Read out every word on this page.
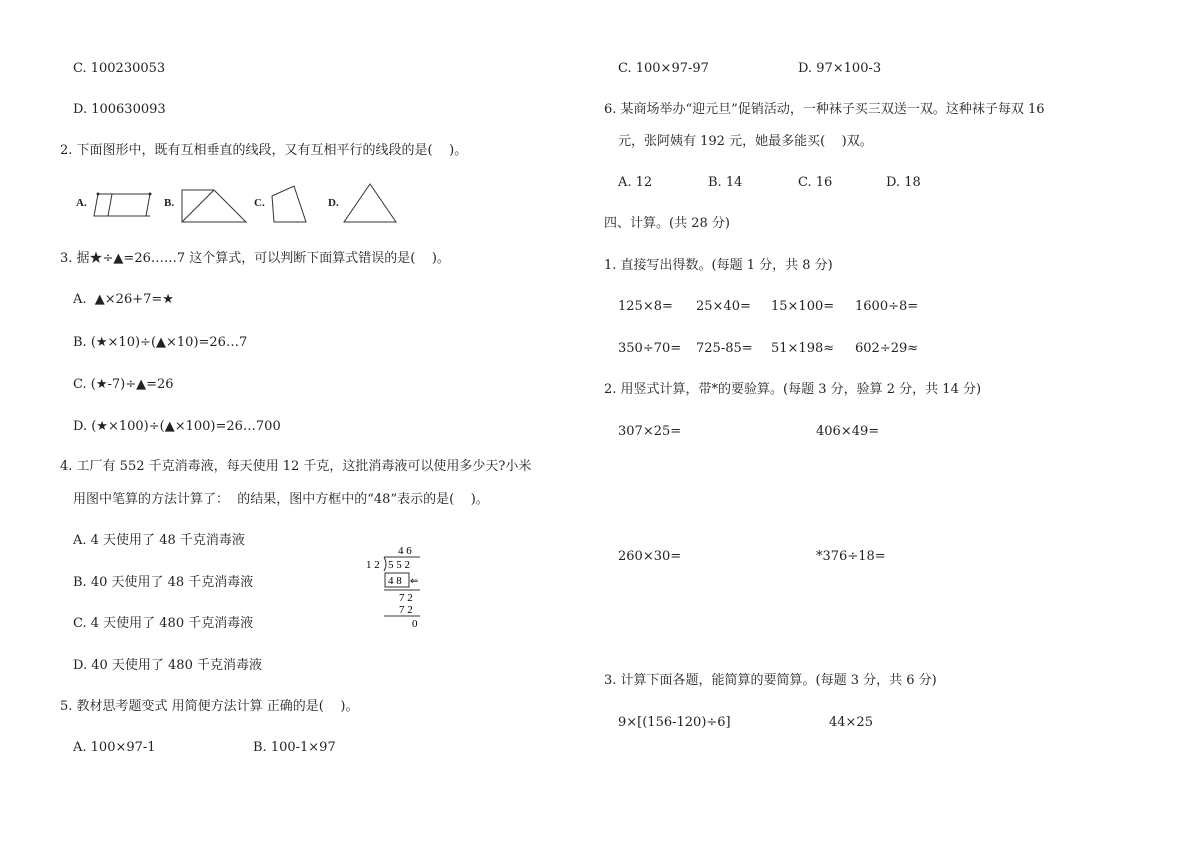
C. 100230053
D. 100630093
2. 下面图形中，既有互相垂直的线段，又有互相平行的线段的是(    )。
A.	B.	C.	D.
3. 据★÷▲=26……7 这个算式，可以判断下面算式错误的是(    )。
A.  ▲×26+7=★
B. (★×10)÷(▲×10)=26…7
C. (★-7)÷▲=26
D. (★×100)÷(▲×100)=26…700
4. 工厂有 552 千克消毒液，每天使用 12 千克，这批消毒液可以使用多少天?小米
用图中笔算的方法计算了：  的结果，图中方框中的“48”表示的是(    )。
A. 4 天使用了 48 千克消毒液
B. 40 天使用了 48 千克消毒液
C. 4 天使用了 480 千克消毒液
D. 40 天使用了 480 千克消毒液
4 6
1 2 5 5 2
4 8 ⇐
7 2
7 2
0
5. 教材思考题变式 用简便方法计算 正确的是(    )。
A. 100×97-1	B. 100-1×97
C. 100×97-97	D. 97×100-3
6. 某商场举办“迎元旦”促销活动，一种袜子买三双送一双。这种袜子每双 16
元，张阿姨有 192 元，她最多能买(    )双。
A. 12	B. 14	C. 16	D. 18
四、计算。(共 28 分)
1. 直接写出得数。(每题 1 分，共 8 分)
125×8= 25×40= 15×100= 1600÷8=
350÷70= 725-85= 51×198≈ 602÷29≈
2. 用竖式计算，带*的要验算。(每题 3 分，验算 2 分，共 14 分)
307×25=	406×49=
260×30=	*376÷18=
3. 计算下面各题，能简算的要简算。(每题 3 分，共 6 分)
9×[(156-120)÷6]	44×25
